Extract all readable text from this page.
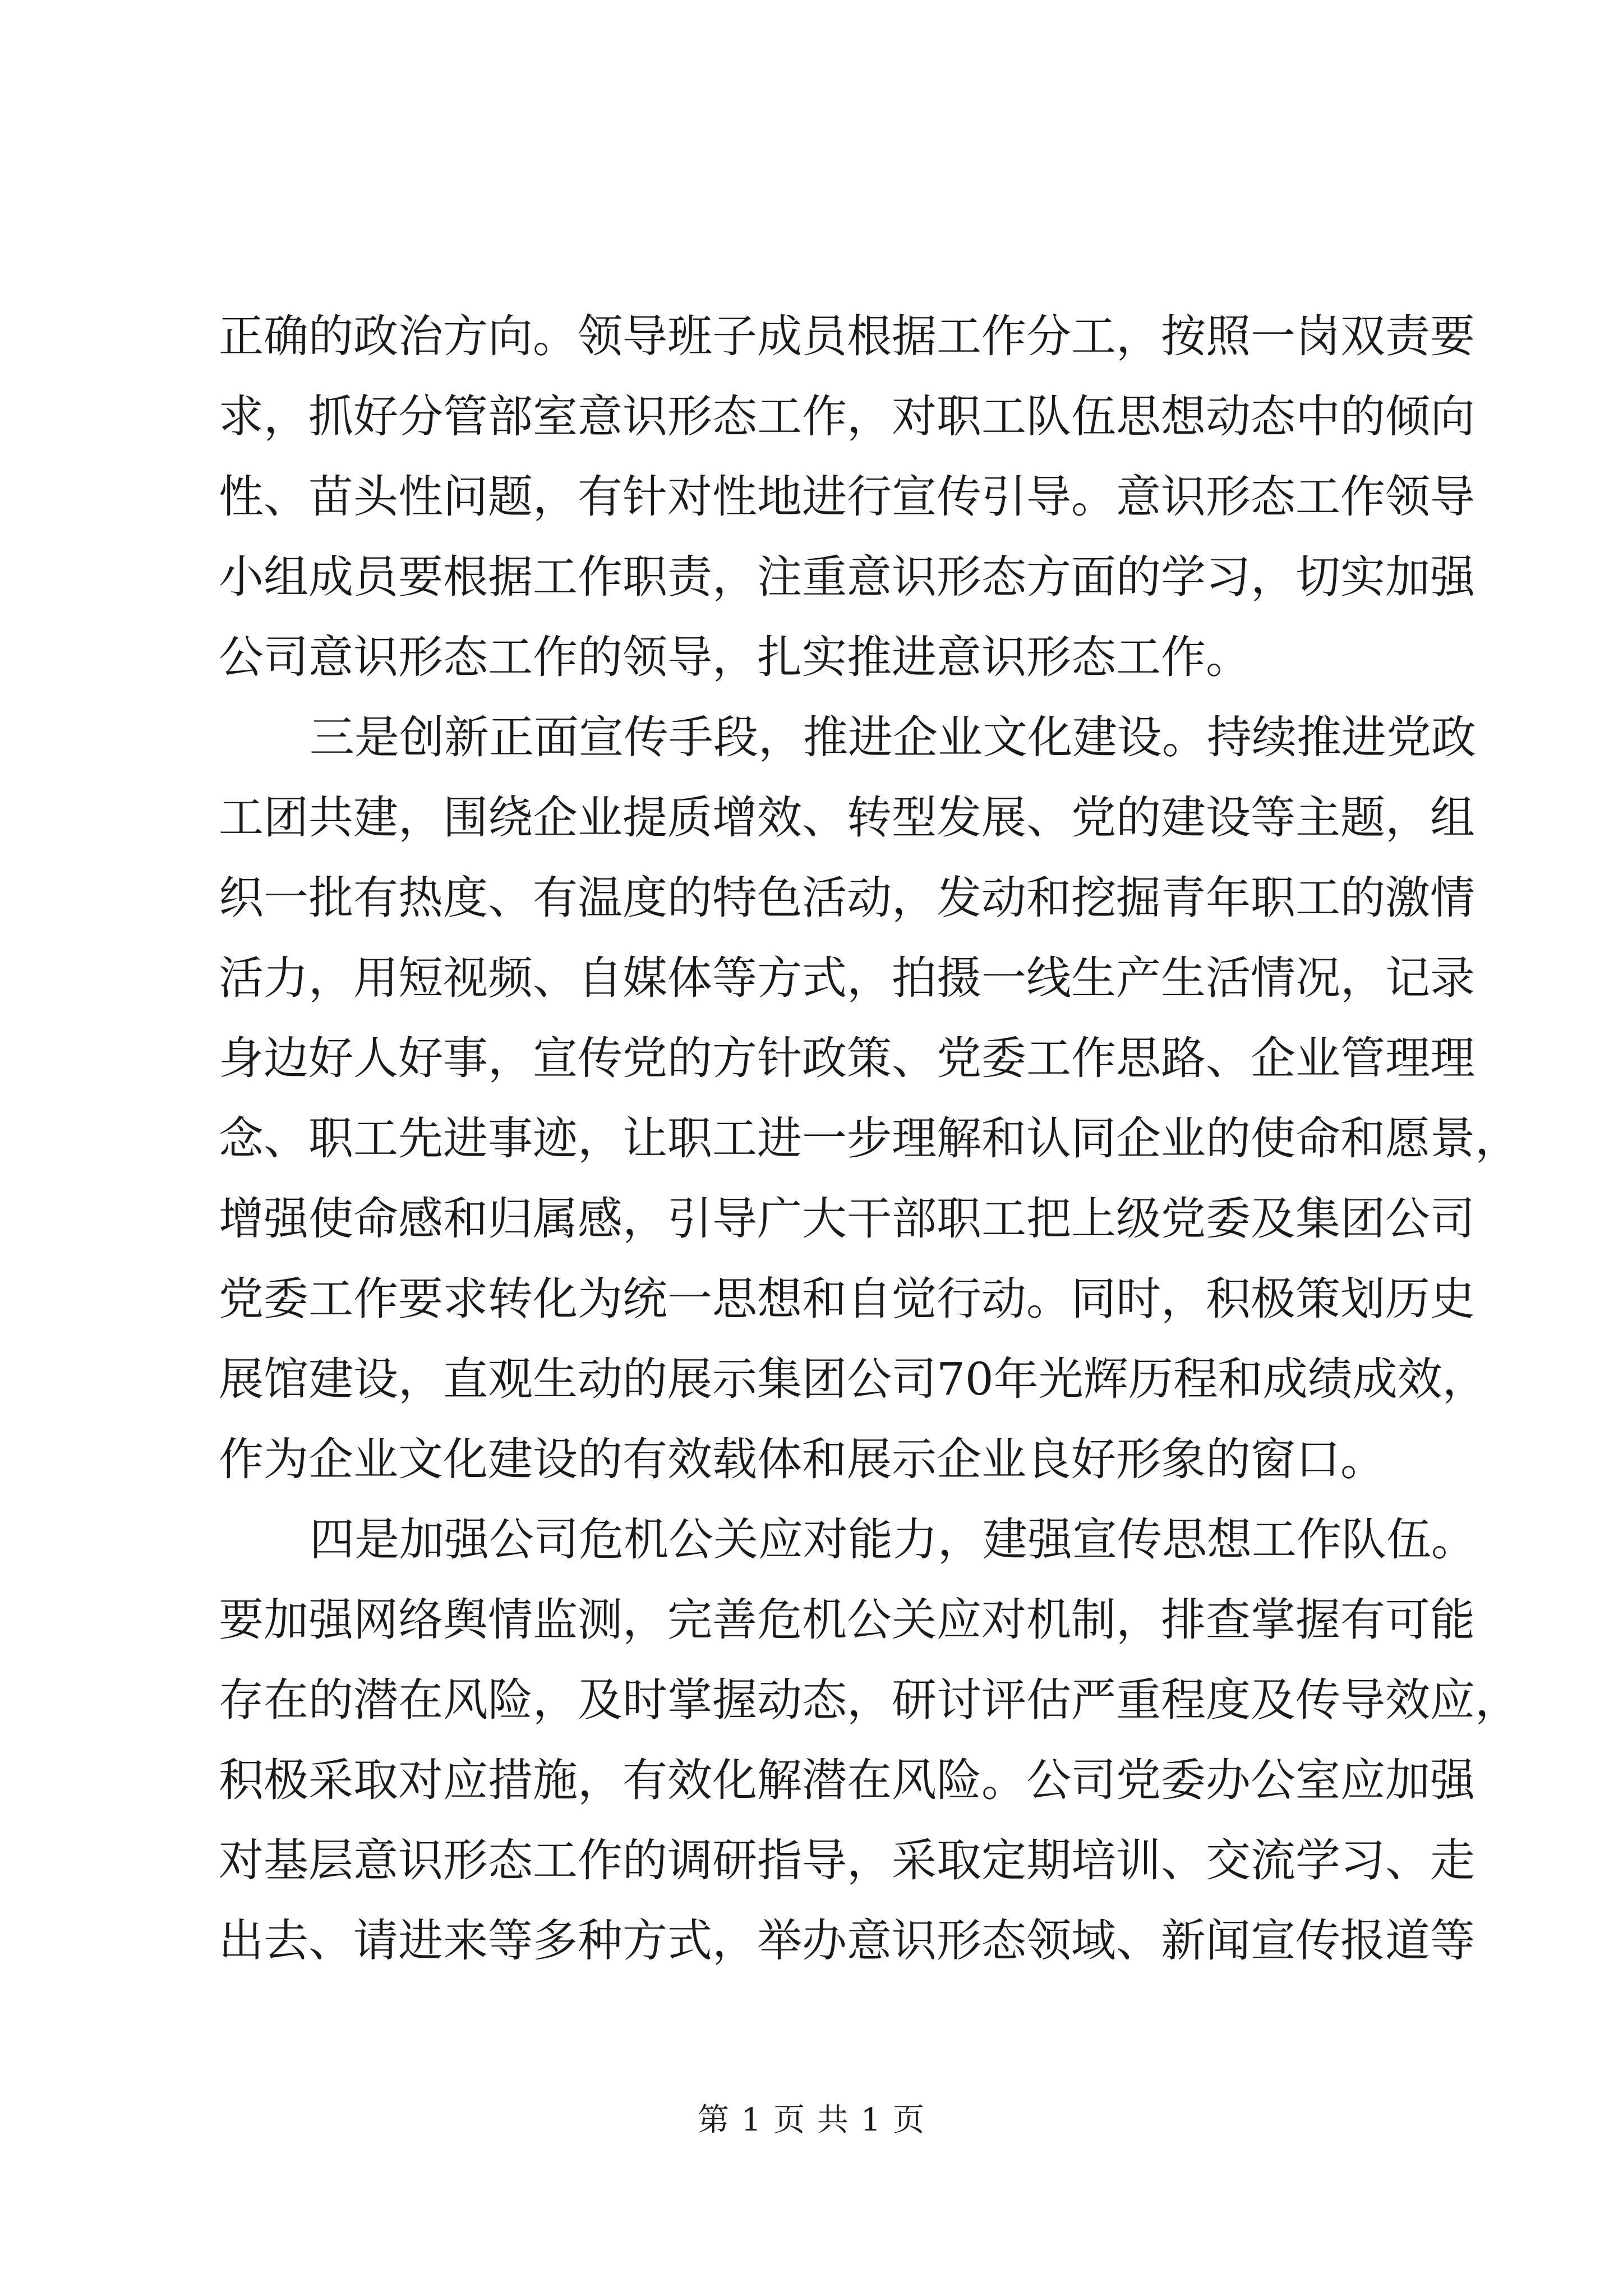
正确的政治方向。领导班子成员根据工作分工，按照一岗双责要
求，抓好分管部室意识形态工作，对职工队伍思想动态中的倾向
性、苗头性问题，有针对性地进行宣传引导。意识形态工作领导
小组成员要根据工作职责，注重意识形态方面的学习，切实加强
公司意识形态工作的领导，扎实推进意识形态工作。
三是创新正面宣传手段，推进企业文化建设。持续推进党政
工团共建，围绕企业提质增效、转型发展、党的建设等主题，组
织一批有热度、有温度的特色活动，发动和挖掘青年职工的激情
活力，用短视频、自媒体等方式，拍摄一线生产生活情况，记录
身边好人好事，宣传党的方针政策、党委工作思路、企业管理理
念、职工先进事迹，让职工进一步理解和认同企业的使命和愿景，
增强使命感和归属感，引导广大干部职工把上级党委及集团公司
党委工作要求转化为统一思想和自觉行动。同时，积极策划历史
展馆建设，直观生动的展示集团公司70年光辉历程和成绩成效，
作为企业文化建设的有效载体和展示企业良好形象的窗口。
四是加强公司危机公关应对能力，建强宣传思想工作队伍。
要加强网络舆情监测，完善危机公关应对机制，排查掌握有可能
存在的潜在风险，及时掌握动态，研讨评估严重程度及传导效应，
积极采取对应措施，有效化解潜在风险。公司党委办公室应加强
对基层意识形态工作的调研指导，采取定期培训、交流学习、走
出去、请进来等多种方式，举办意识形态领域、新闻宣传报道等
第 1 页 共 1 页
